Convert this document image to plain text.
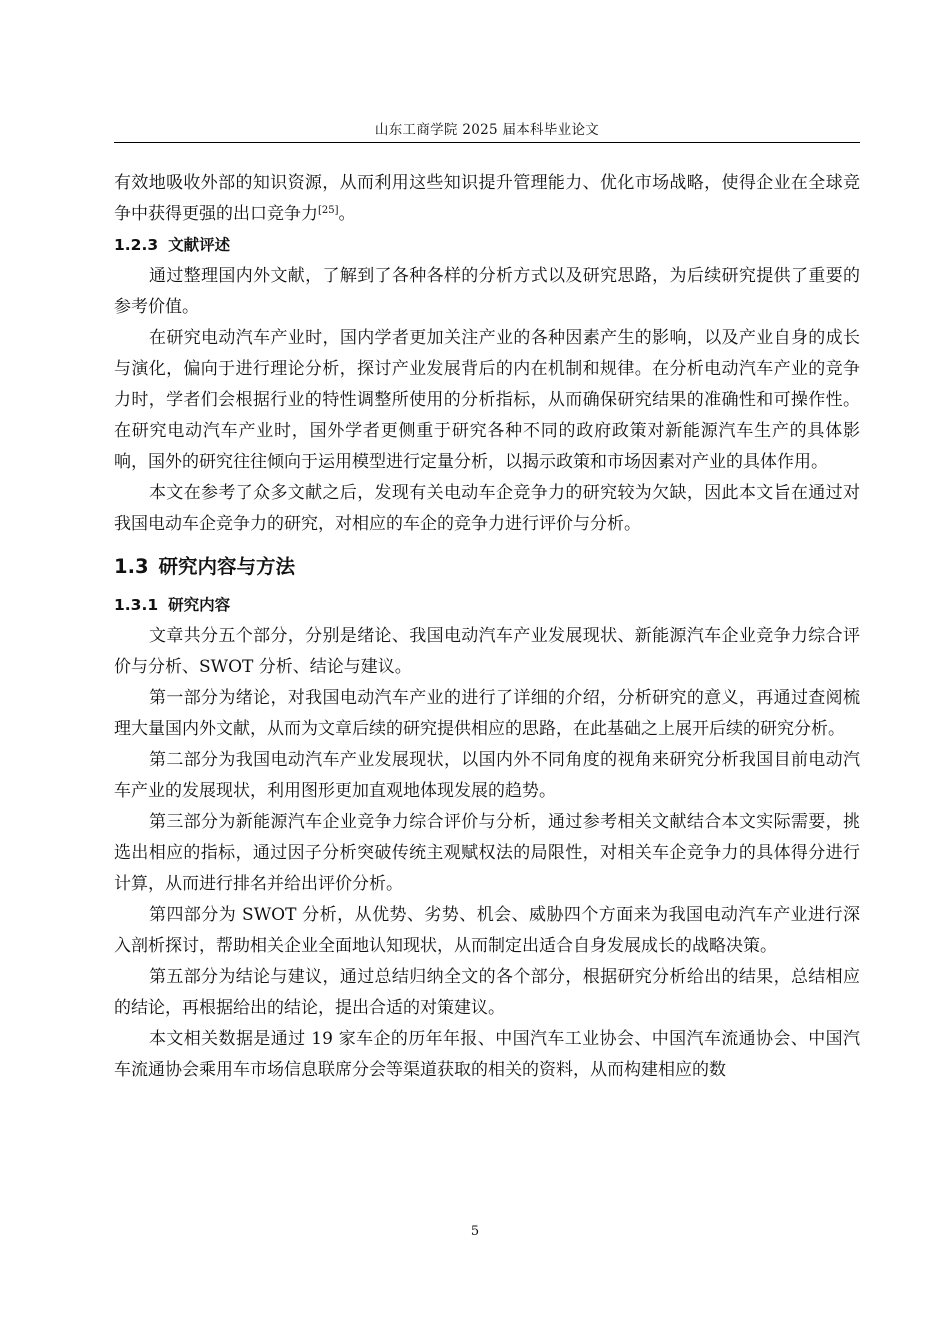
山东工商学院 2025 届本科毕业论文

有效地吸收外部的知识资源，从而利用这些知识提升管理能力、优化市场战略，使得企业在全球竞争中获得更强的出口竞争力[25]。

1.2.3 文献评述

通过整理国内外文献，了解到了各种各样的分析方式以及研究思路，为后续研究提供了重要的参考价值。

在研究电动汽车产业时，国内学者更加关注产业的各种因素产生的影响，以及产业自身的成长与演化，偏向于进行理论分析，探讨产业发展背后的内在机制和规律。在分析电动汽车产业的竞争力时，学者们会根据行业的特性调整所使用的分析指标，从而确保研究结果的准确性和可操作性。在研究电动汽车产业时，国外学者更侧重于研究各种不同的政府政策对新能源汽车生产的具体影响，国外的研究往往倾向于运用模型进行定量分析，以揭示政策和市场因素对产业的具体作用。

本文在参考了众多文献之后，发现有关电动车企竞争力的研究较为欠缺，因此本文旨在通过对我国电动车企竞争力的研究，对相应的车企的竞争力进行评价与分析。

1.3 研究内容与方法
1.3.1 研究内容

文章共分五个部分，分别是绪论、我国电动汽车产业发展现状、新能源汽车企业竞争力综合评价与分析、SWOT 分析、结论与建议。

第一部分为绪论，对我国电动汽车产业的进行了详细的介绍，分析研究的意义，再通过查阅梳理大量国内外文献，从而为文章后续的研究提供相应的思路，在此基础之上展开后续的研究分析。

第二部分为我国电动汽车产业发展现状，以国内外不同角度的视角来研究分析我国目前电动汽车产业的发展现状，利用图形更加直观地体现发展的趋势。

第三部分为新能源汽车企业竞争力综合评价与分析，通过参考相关文献结合本文实际需要，挑选出相应的指标，通过因子分析突破传统主观赋权法的局限性，对相关车企竞争力的具体得分进行计算，从而进行排名并给出评价分析。

第四部分为 SWOT 分析，从优势、劣势、机会、威胁四个方面来为我国电动汽车产业进行深入剖析探讨，帮助相关企业全面地认知现状，从而制定出适合自身发展成长的战略决策。

第五部分为结论与建议，通过总结归纳全文的各个部分，根据研究分析给出的结果，总结相应的结论，再根据给出的结论，提出合适的对策建议。

本文相关数据是通过 19 家车企的历年年报、中国汽车工业协会、中国汽车流通协会、中国汽车流通协会乘用车市场信息联席分会等渠道获取的相关的资料，从而构建相应的数

5
